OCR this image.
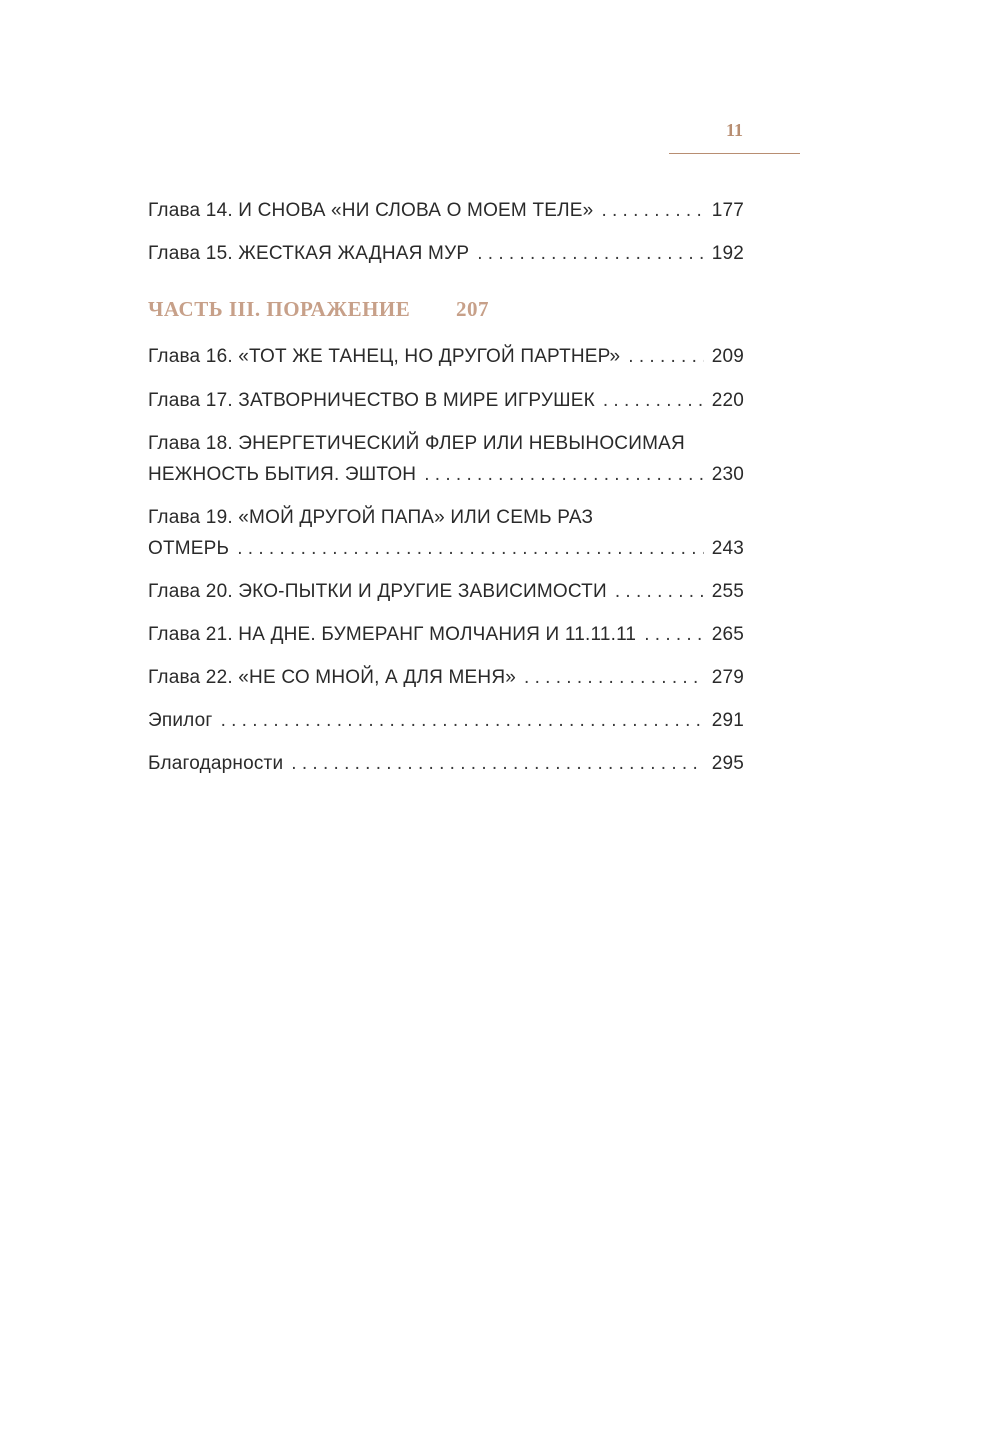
11
Глава 14. И СНОВА «НИ СЛОВА О МОЕМ ТЕЛЕ» . . .	177
Глава 15. ЖЕСТКАЯ ЖАДНАЯ МУР . . .	192
ЧАСТЬ III. ПОРАЖЕНИЕ 207
Глава 16. «ТОТ ЖЕ ТАНЕЦ, НО ДРУГОЙ ПАРТНЕР» . . .	209
Глава 17. ЗАТВОРНИЧЕСТВО В МИРЕ ИГРУШЕК . . .	220
Глава 18. ЭНЕРГЕТИЧЕСКИЙ ФЛЕР ИЛИ НЕВЫНОСИМАЯ
НЕЖНОСТЬ БЫТИЯ. ЭШТОН . . .	230
Глава 19. «МОЙ ДРУГОЙ ПАПА» ИЛИ СЕМЬ РАЗ
ОТМЕРЬ . . .	243
Глава 20. ЭКО-ПЫТКИ И ДРУГИЕ ЗАВИСИМОСТИ . . .	255
Глава 21. НА ДНЕ. БУМЕРАНГ МОЛЧАНИЯ И 11.11.11 . . .	265
Глава 22. «НЕ СО МНОЙ, А ДЛЯ МЕНЯ» . . .	279
Эпилог . . .	291
Благодарности . . .	295
